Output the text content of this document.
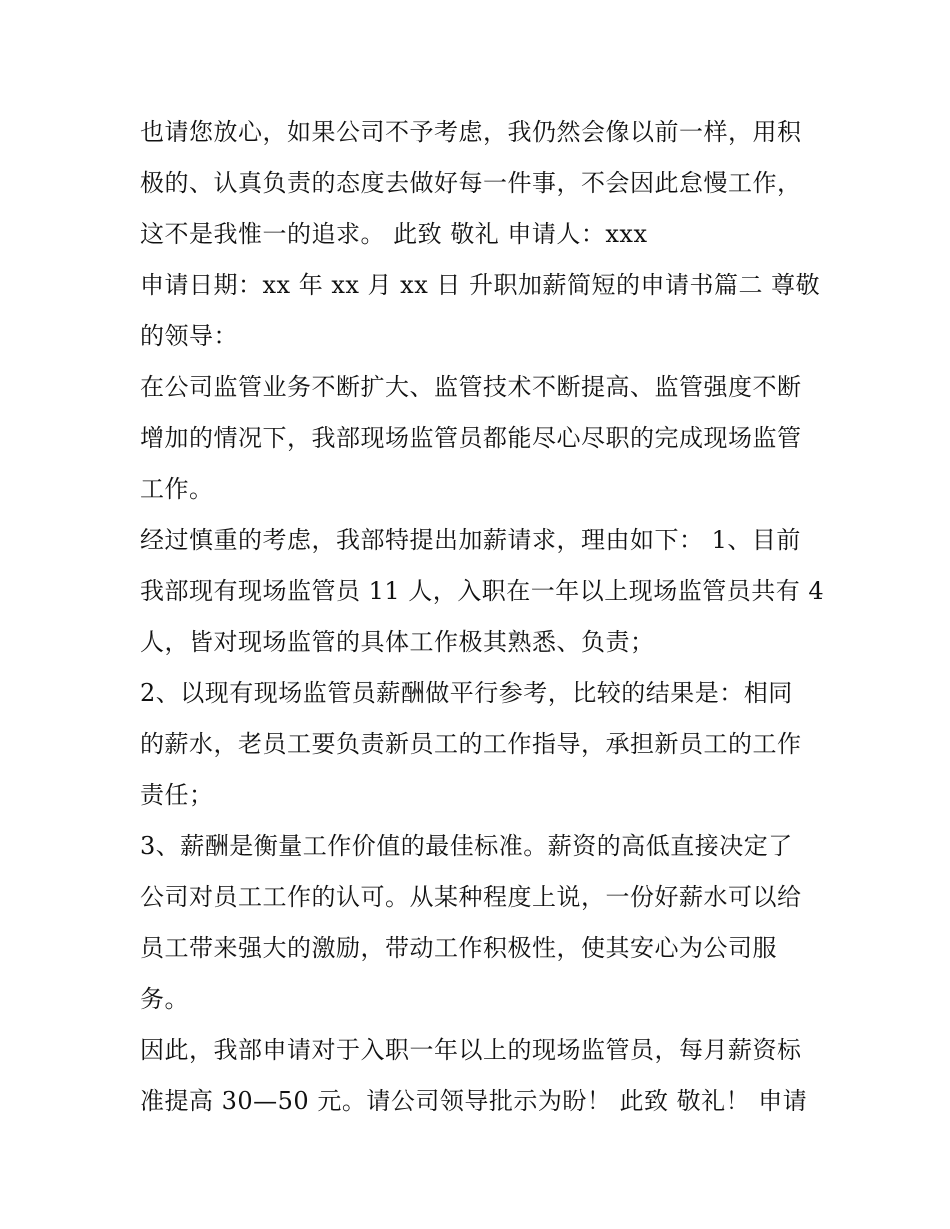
也请您放心，如果公司不予考虑，我仍然会像以前一样，用积
极的、认真负责的态度去做好每一件事，不会因此怠慢工作，
这不是我惟一的追求。 此致 敬礼 申请人：xxx
申请日期：xx 年 xx 月 xx 日 升职加薪简短的申请书篇二 尊敬
的领导：
在公司监管业务不断扩大、监管技术不断提高、监管强度不断
增加的情况下，我部现场监管员都能尽心尽职的完成现场监管
工作。
经过慎重的考虑，我部特提出加薪请求，理由如下： 1、目前
我部现有现场监管员 11 人，入职在一年以上现场监管员共有 4
人，皆对现场监管的具体工作极其熟悉、负责；
2、以现有现场监管员薪酬做平行参考，比较的结果是：相同
的薪水，老员工要负责新员工的工作指导，承担新员工的工作
责任；
3、薪酬是衡量工作价值的最佳标准。薪资的高低直接决定了
公司对员工工作的认可。从某种程度上说，一份好薪水可以给
员工带来强大的激励，带动工作积极性，使其安心为公司服
务。
因此，我部申请对于入职一年以上的现场监管员，每月薪资标
准提高 30—50 元。请公司领导批示为盼！ 此致 敬礼！ 申请
